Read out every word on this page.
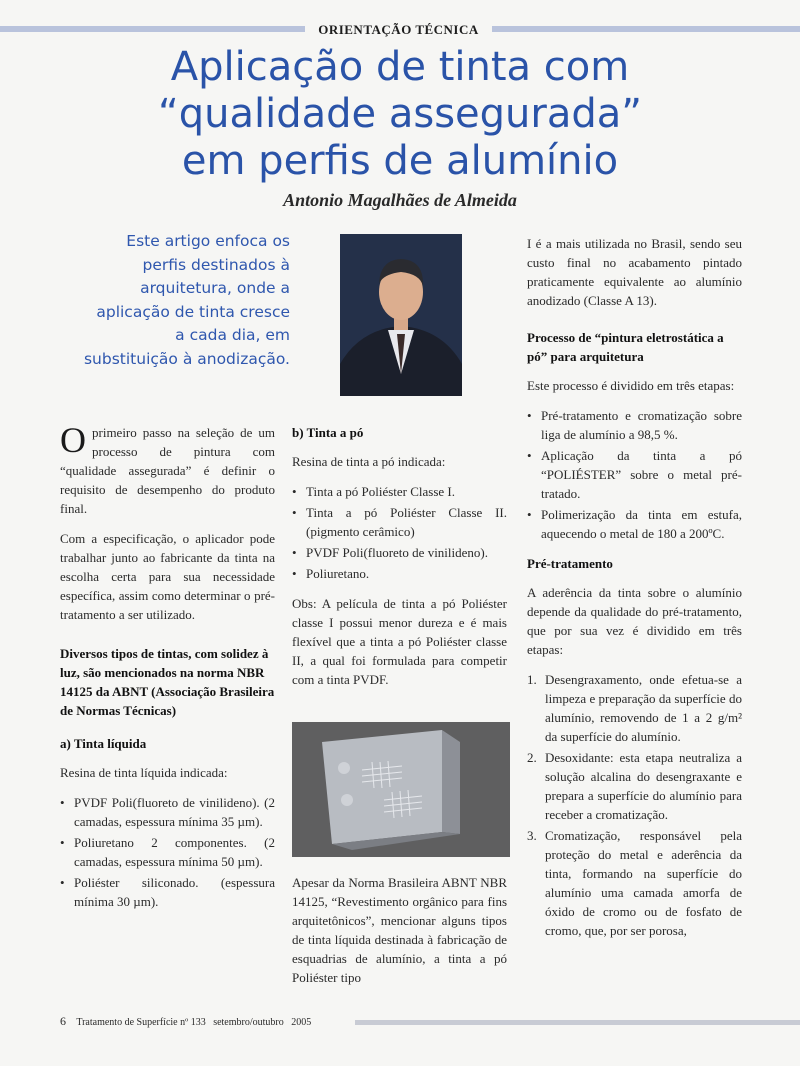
ORIENTAÇÃO TÉCNICA
Aplicação de tinta com
“qualidade assegurada”
em perfis de alumínio
Antonio Magalhães de Almeida
Este artigo enfoca os
perfis destinados à
arquitetura, onde a
aplicação de tinta cresce
a cada dia, em
substituição à anodização.

Oprimeiro passo na seleção de um processo de pintura com “qualidade assegurada” é definir o requisito de desempenho do produto final.

Com a especificação, o aplicador pode trabalhar junto ao fabricante da tinta na escolha certa para sua necessidade específica, assim como determinar o pré-tratamento a ser utilizado.

Diversos tipos de tintas, com solidez à luz, são mencionados na norma NBR 14125 da ABNT (Associação Brasileira de Normas Técnicas)
a) Tinta líquida

Resina de tinta líquida indicada:

• PVDF Poli(fluoreto de vinilideno). (2 camadas, espessura mínima 35 µm).
• Poliuretano 2 componentes. (2 camadas, espessura mínima 50 µm).
• Poliéster siliconado. (espessura mínima 30 µm).
b) Tinta a pó

Resina de tinta a pó indicada:

• Tinta a pó Poliéster Classe I.
• Tinta a pó Poliéster Classe II. (pigmento cerâmico)
• PVDF Poli(fluoreto de vinilideno).
• Poliuretano.

Obs: A película de tinta a pó Poliéster classe I possui menor dureza e é mais flexível que a tinta a pó Poliéster classe II, a qual foi formulada para competir com a tinta PVDF.

Apesar da Norma Brasileira ABNT NBR 14125, “Revestimento orgânico para fins arquitetônicos”, mencionar alguns tipos de tinta líquida destinada à fabricação de esquadrias de alumínio, a tinta a pó Poliéster tipo

I é a mais utilizada no Brasil, sendo seu custo final no acabamento pintado praticamente equivalente ao alumínio anodizado (Classe A 13).

Processo de “pintura eletrostática a pó” para arquitetura

Este processo é dividido em três etapas:

• Pré-tratamento e cromatização sobre liga de alumínio a 98,5 %.
• Aplicação da tinta a pó “POLIÉSTER” sobre o metal pré-tratado.
• Polimerização da tinta em estufa, aquecendo o metal de 180 a 200ºC.
Pré-tratamento

A aderência da tinta sobre o alumínio depende da qualidade do pré-tratamento, que por sua vez é dividido em três etapas:

1. Desengraxamento, onde efetua-se a limpeza e preparação da superfície do alumínio, removendo de 1 a 2 g/m² da superfície do alumínio.
2. Desoxidante: esta etapa neutraliza a solução alcalina do desengraxante e prepara a superfície do alumínio para receber a cromatização.
3. Cromatização, responsável pela proteção do metal e aderência da tinta, formando na superfície do alumínio uma camada amorfa de óxido de cromo ou de fosfato de cromo, que, por ser porosa,
6 Tratamento de Superfície nº 133   setembro/outubro   2005
